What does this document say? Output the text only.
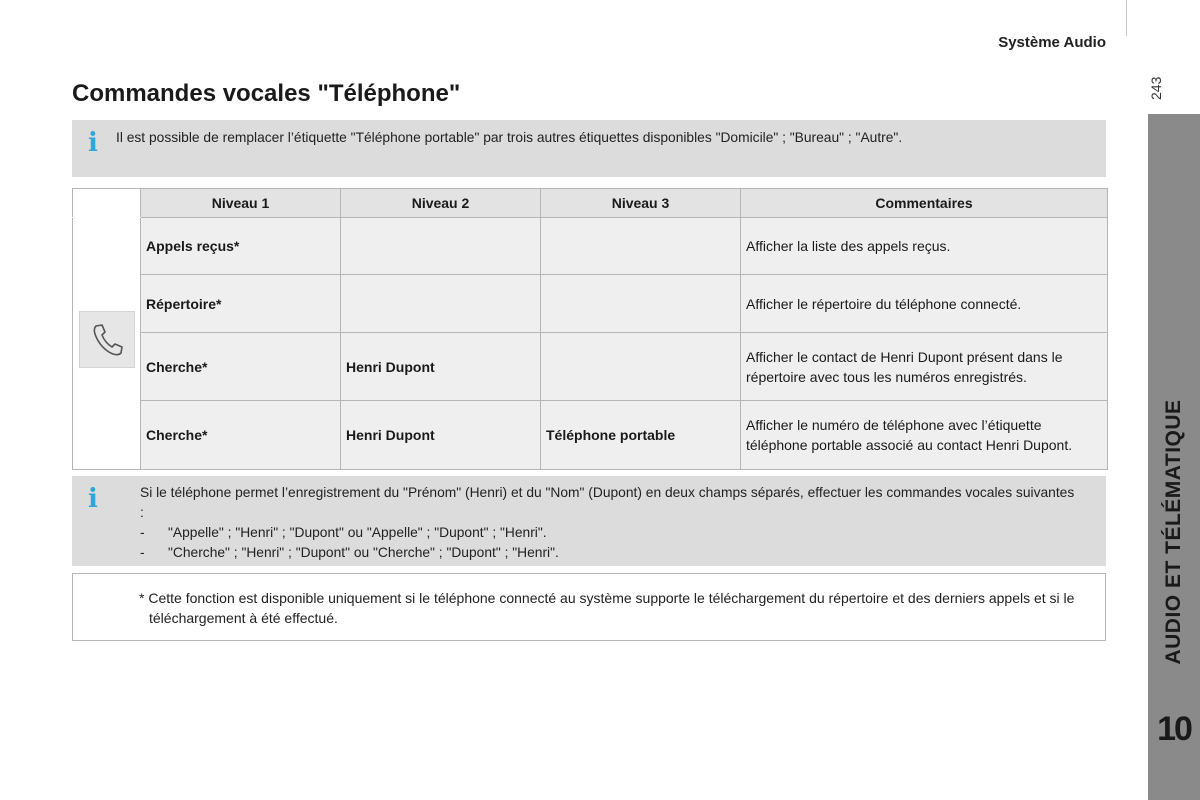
Système Audio
243
AUDIO ET TÉLÉMATIQUE
10
Commandes vocales "Téléphone"
i Il est possible de remplacer l’étiquette "Téléphone portable" par trois autres étiquettes disponibles "Domicile" ; "Bureau" ; "Autre".
	Niveau 1	Niveau 2	Niveau 3	Commentaires

	Appels reçus*			Afficher la liste des appels reçus.
	Répertoire*			Afficher le répertoire du téléphone connecté.
	Cherche*	Henri Dupont		Afficher le contact de Henri Dupont présent dans le répertoire avec tous les numéros enregistrés.
	Cherche*	Henri Dupont	Téléphone portable	Afficher le numéro de téléphone avec l’étiquette téléphone portable associé au contact Henri Dupont.
i	Si le téléphone permet l’enregistrement du "Prénom" (Henri) et du "Nom" (Dupont) en deux champs séparés, effectuer les commandes vocales suivantes :
-	"Appelle" ; "Henri" ; "Dupont" ou "Appelle" ; "Dupont" ; "Henri".
-	"Cherche" ; "Henri" ; "Dupont" ou "Cherche" ; "Dupont" ; "Henri".
* Cette fonction est disponible uniquement si le téléphone connecté au système supporte le téléchargement du répertoire et des derniers appels et si le téléchargement à été effectué.
